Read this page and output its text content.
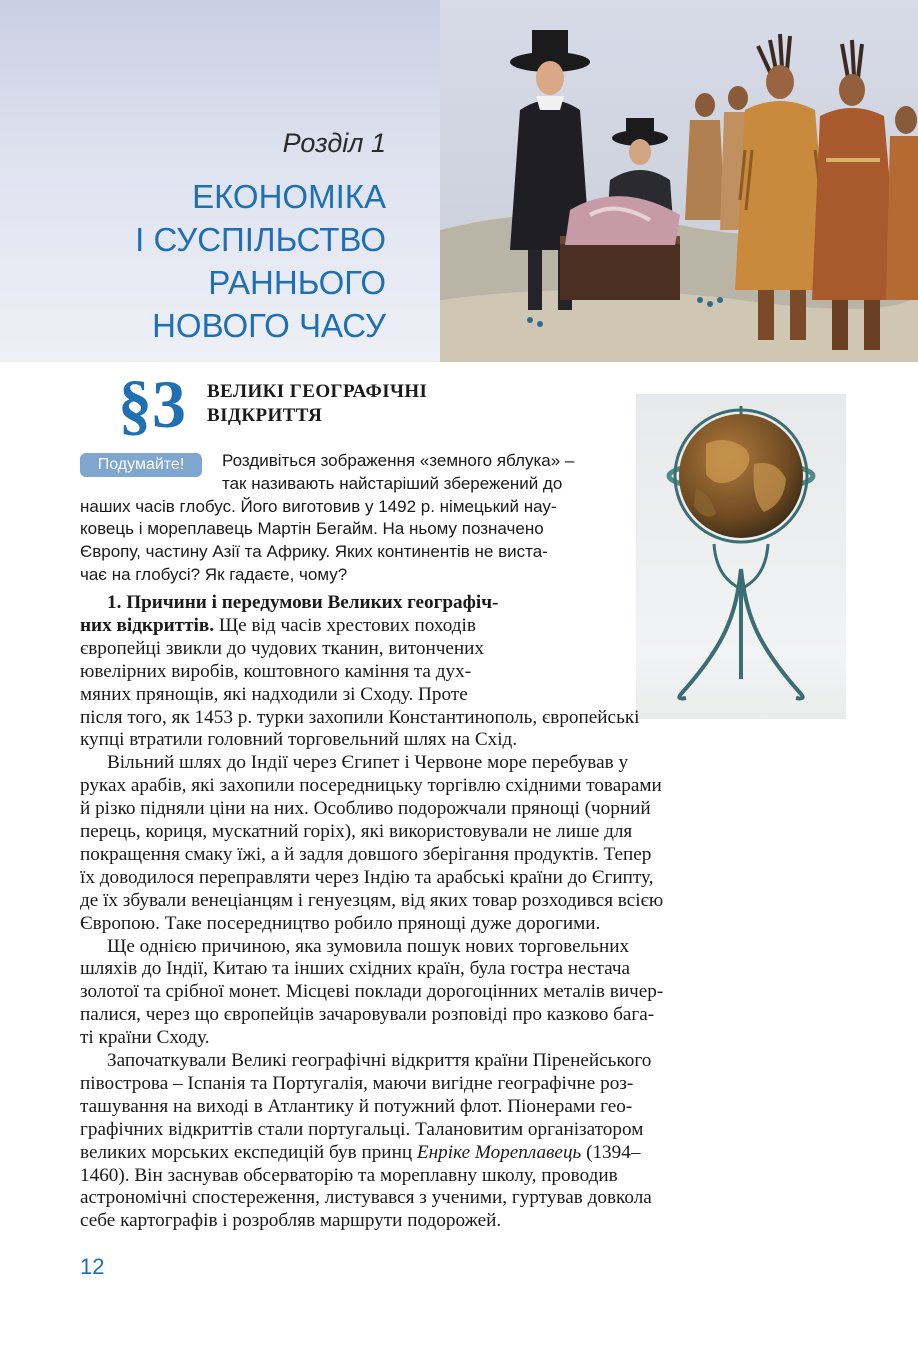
Розділ 1
ЕКОНОМІКА
І СУСПІЛЬСТВО
РАННЬОГО
НОВОГО ЧАСУ
§3 ВЕЛИКІ ГЕОГРАФІЧНІ
ВІДКРИТТЯ
Подумайте!	Роздивіться зображення «земного яблука» –
так називають найстаріший збережений до
наших часів глобус. Його виготовив у 1492 р. німецький нау-
ковець і мореплавець Мартін Бегайм. На ньому позначено
Європу, частину Азії та Африку. Яких континентів не виста-
чає на глобусі? Як гадаєте, чому?
1. Причини і передумови Великих географіч-
них відкриттів. Ще від часів хрестових походів
європейці звикли до чудових тканин, витончених
ювелірних виробів, коштовного каміння та дух-
мяних прянощів, які надходили зі Сходу. Проте
після того, як 1453 р. турки захопили Константинополь, європейські
купці втратили головний торговельний шлях на Схід.
Вільний шлях до Індії через Єгипет і Червоне море перебував у
руках арабів, які захопили посередницьку торгівлю східними товарами
й різко підняли ціни на них. Особливо подорожчали прянощі (чорний
перець, кориця, мускатний горіх), які використовували не лише для
покращення смаку їжі, а й задля довшого зберігання продуктів. Тепер
їх доводилося переправляти через Індію та арабські країни до Єгипту,
де їх збували венеціанцям і генуезцям, від яких товар розходився всією
Європою. Таке посередництво робило прянощі дуже дорогими.
Ще однією причиною, яка зумовила пошук нових торговельних
шляхів до Індії, Китаю та інших східних країн, була гостра нестача
золотої та срібної монет. Місцеві поклади дорогоцінних металів вичер-
палися, через що європейців зачаровували розповіді про казково бага-
ті країни Сходу.
Започаткували Великі географічні відкриття країни Піренейського
півострова – Іспанія та Португалія, маючи вигідне географічне роз-
ташування на виході в Атлантику й потужний флот. Піонерами гео-
графічних відкриттів стали португальці. Талановитим організатором
великих морських експедицій був принц Енріке Мореплавець (1394–
1460). Він заснував обсерваторію та мореплавну школу, проводив
астрономічні спостереження, листувався з ученими, гуртував довкола
себе картографів і розробляв маршрути подорожей.
12
